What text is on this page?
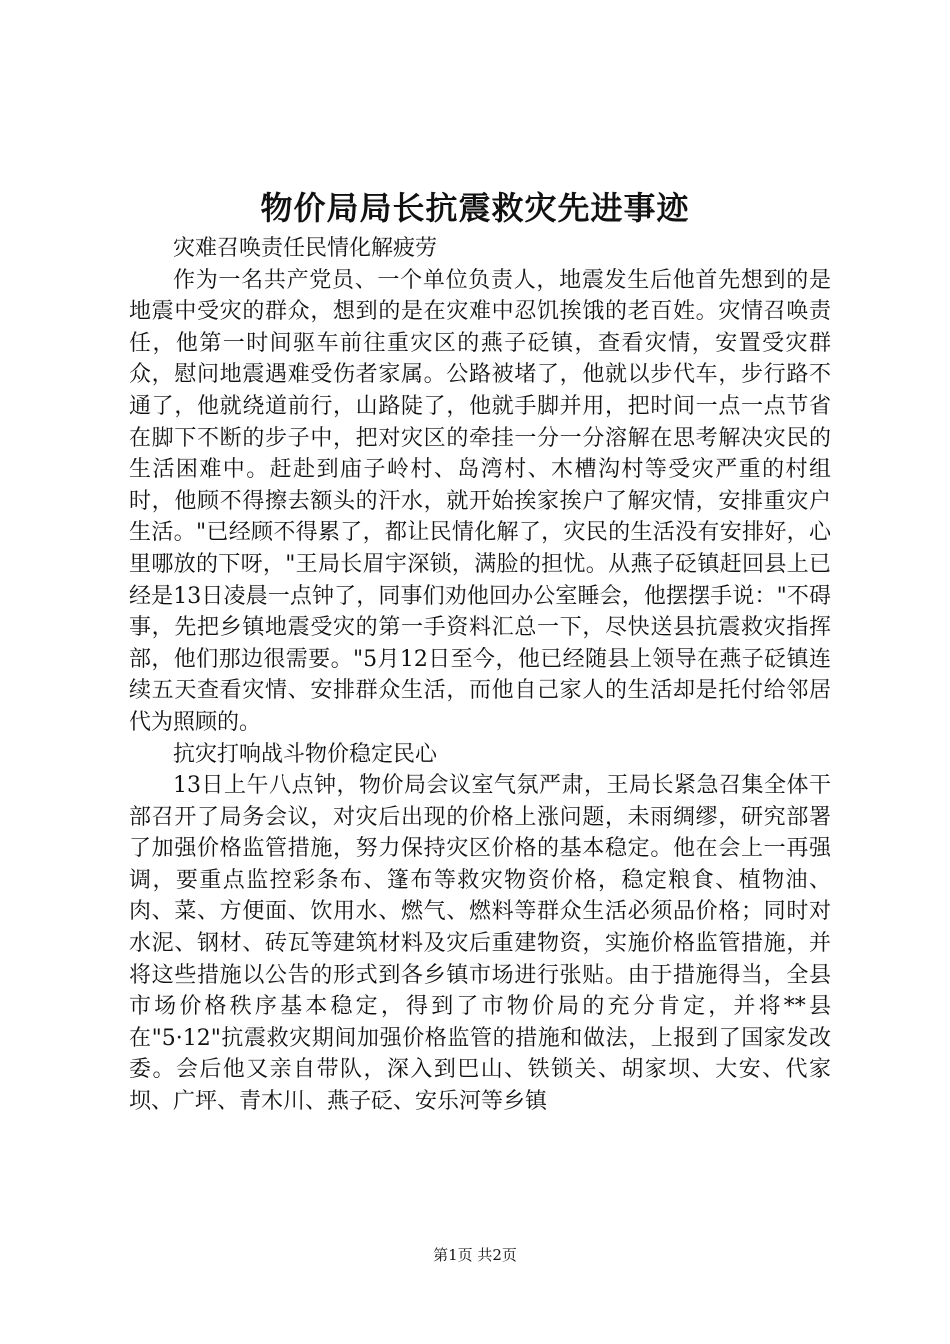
物价局局长抗震救灾先进事迹

灾难召唤责任民情化解疲劳

作为一名共产党员、一个单位负责人，地震发生后他首先想到的是地震中受灾的群众，想到的是在灾难中忍饥挨饿的老百姓。灾情召唤责任，他第一时间驱车前往重灾区的燕子砭镇，查看灾情，安置受灾群众，慰问地震遇难受伤者家属。公路被堵了，他就以步代车，步行路不通了，他就绕道前行，山路陡了，他就手脚并用，把时间一点一点节省在脚下不断的步子中，把对灾区的牵挂一分一分溶解在思考解决灾民的生活困难中。赶赴到庙子岭村、岛湾村、木槽沟村等受灾严重的村组时，他顾不得擦去额头的汗水，就开始挨家挨户了解灾情，安排重灾户生活。"已经顾不得累了，都让民情化解了，灾民的生活没有安排好，心里哪放的下呀，"王局长眉宇深锁，满脸的担忧。从燕子砭镇赶回县上已经是13日凌晨一点钟了，同事们劝他回办公室睡会，他摆摆手说："不碍事，先把乡镇地震受灾的第一手资料汇总一下，尽快送县抗震救灾指挥部，他们那边很需要。"5月12日至今，他已经随县上领导在燕子砭镇连续五天查看灾情、安排群众生活，而他自己家人的生活却是托付给邻居代为照顾的。

抗灾打响战斗物价稳定民心

13日上午八点钟，物价局会议室气氛严肃，王局长紧急召集全体干部召开了局务会议，对灾后出现的价格上涨问题，未雨绸缪，研究部署了加强价格监管措施，努力保持灾区价格的基本稳定。他在会上一再强调，要重点监控彩条布、篷布等救灾物资价格，稳定粮食、植物油、肉、菜、方便面、饮用水、燃气、燃料等群众生活必须品价格；同时对水泥、钢材、砖瓦等建筑材料及灾后重建物资，实施价格监管措施，并将这些措施以公告的形式到各乡镇市场进行张贴。由于措施得当，全县市场价格秩序基本稳定，得到了市物价局的充分肯定，并将**县在"5·12"抗震救灾期间加强价格监管的措施和做法，上报到了国家发改委。会后他又亲自带队，深入到巴山、铁锁关、胡家坝、大安、代家坝、广坪、青木川、燕子砭、安乐河等乡镇

第1页 共2页
